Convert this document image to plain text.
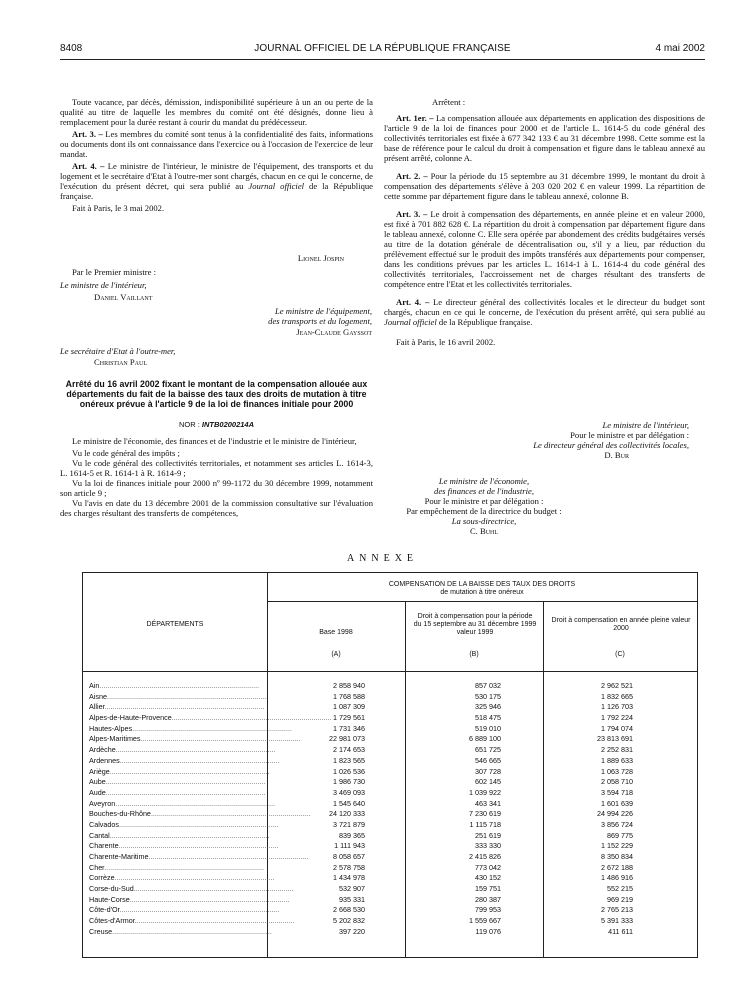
8408	JOURNAL OFFICIEL DE LA RÉPUBLIQUE FRANÇAISE	4 mai 2002

Toute vacance, par décès, démission, indisponibilité supérieure à un an ou perte de la qualité au titre de laquelle les membres du comité ont été désignés, donne lieu à remplacement pour la durée restant à courir du mandat du prédécesseur.

Art. 3. – Les membres du comité sont tenus à la confidentialité des faits, informations ou documents dont ils ont connaissance dans l'exercice ou à l'occasion de l'exercice de leur mandat.

Art. 4. – Le ministre de l'intérieur, le ministre de l'équipement, des transports et du logement et le secrétaire d'Etat à l'outre-mer sont chargés, chacun en ce qui le concerne, de l'exécution du présent décret, qui sera publié au Journal officiel de la République française.

Fait à Paris, le 3 mai 2002.

Lionel Jospin
Par le Premier ministre :
Le ministre de l'intérieur,
Daniel Vaillant
Le ministre de l'équipement,
des transports et du logement,
Jean-Claude Gayssot
Le secrétaire d'Etat à l'outre-mer,
Christian Paul
Arrêté du 16 avril 2002 fixant le montant de la compensation allouée aux départements du fait de la baisse des taux des droits de mutation à titre onéreux prévue à l'article 9 de la loi de finances initiale pour 2000
NOR : INTB0200214A

Le ministre de l'économie, des finances et de l'industrie et le ministre de l'intérieur,

Vu le code général des impôts ;

Vu le code général des collectivités territoriales, et notamment ses articles L. 1614-3, L. 1614-5 et R. 1614-1 à R. 1614-9 ;

Vu la loi de finances initiale pour 2000 nº 99-1172 du 30 décembre 1999, notamment son article 9 ;

Vu l'avis en date du 13 décembre 2001 de la commission consultative sur l'évaluation des charges résultant des transferts de compétences,

Arrêtent :

Art. 1er. – La compensation allouée aux départements en application des dispositions de l'article 9 de la loi de finances pour 2000 et de l'article L. 1614-5 du code général des collectivités territoriales est fixée à 677 342 133 € au 31 décembre 1998. Cette somme est la base de référence pour le calcul du droit à compensation et figure dans le tableau annexé au présent arrêté, colonne A.

Art. 2. – Pour la période du 15 septembre au 31 décembre 1999, le montant du droit à compensation des départements s'élève à 203 020 202 € en valeur 1999. La répartition de cette somme par département figure dans le tableau annexé, colonne B.

Art. 3. – Le droit à compensation des départements, en année pleine et en valeur 2000, est fixé à 701 882 628 €. La répartition du droit à compensation par département figure dans le tableau annexé, colonne C. Elle sera opérée par abondement des crédits budgétaires versés au titre de la dotation générale de décentralisation ou, s'il y a lieu, par réduction du prélèvement effectué sur le produit des impôts transférés aux départements pour compenser, dans les conditions prévues par les articles L. 1614-1 à L. 1614-4 du code général des collectivités territoriales, l'accroissement net de charges résultant des transferts de compétence entre l'Etat et les collectivités territoriales.

Art. 4. – Le directeur général des collectivités locales et le directeur du budget sont chargés, chacun en ce qui le concerne, de l'exécution du présent arrêté, qui sera publié au Journal officiel de la République française.

Fait à Paris, le 16 avril 2002.

Le ministre de l'intérieur,
Pour le ministre et par délégation :
Le directeur général des collectivités locales,
D. Bur
Le ministre de l'économie,
des finances et de l'industrie,
Pour le ministre et par délégation :
Par empêchement de la directrice du budget :
La sous-directrice,
C. Buhl
ANNEXE
COMPENSATION DE LA BAISSE DES TAUX DES DROITS
de mutation à titre onéreux
DÉPARTEMENTS
Base 1998
(A)
Droit à compensation pour la période du 15 septembre au 31 décembre 1999 valeur 1999
(B)
Droit à compensation en année pleine valeur 2000
(C)
Ain................................................................................	2 858 940	857 032	2 962 521
Aisne................................................................................	1 768 588	530 175	1 832 665
Allier................................................................................	1 087 309	325 946	1 126 703
Alpes-de-Haute-Provence................................................................................ 1 729 561	518 475	1 792 224
Hautes-Alpes................................................................................	1 731 346	519 010	1 794 074
Alpes-Maritimes................................................................................	22 981 073	6 889 100	23 813 691
Ardèche................................................................................	2 174 653	651 725	2 252 831
Ardennes................................................................................	1 823 565	546 665	1 889 633
Ariège................................................................................	1 026 536	307 728	1 063 728
Aube................................................................................	1 986 730	602 145	2 058 710
Aude................................................................................	3 469 093	1 039 922	3 594 718
Aveyron................................................................................	1 545 640	463 341	1 601 639
Bouches-du-Rhône................................................................................	24 120 333	7 230 619	24 994 226
Calvados................................................................................	3 721 879	1 115 718	3 856 724
Cantal................................................................................	839 365	251 619	869 775
Charente................................................................................	1 111 943	333 330	1 152 229
Charente-Maritime................................................................................	8 058 657	2 415 826	8 350 834
Cher................................................................................	2 578 758	773 042	2 672 188
Corrèze................................................................................	1 434 978	430 152	1 486 916
Corse-du-Sud................................................................................	532 907	159 751	552 215
Haute-Corse................................................................................	935 331	280 387	969 219
Côte-d'Or................................................................................	2 668 530	799 953	2 765 213
Côtes-d'Armor................................................................................	5 202 832	1 559 667	5 391 333
Creuse................................................................................	397 220	119 076	411 611
